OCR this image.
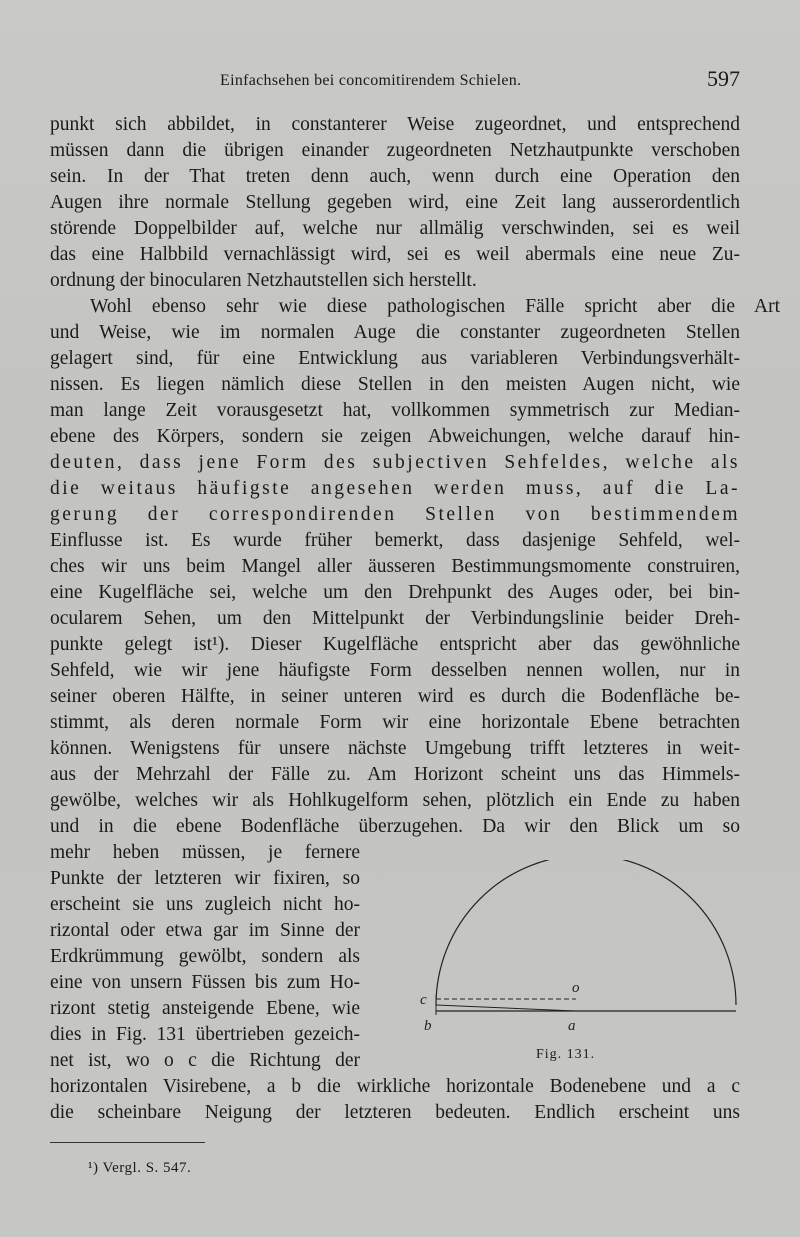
Einfachsehen bei concomitirendem Schielen.	597
punkt sich abbildet, in constanterer Weise zugeordnet, und entsprechend
müssen dann die übrigen einander zugeordneten Netzhautpunkte verschoben
sein. In der That treten denn auch, wenn durch eine Operation den
Augen ihre normale Stellung gegeben wird, eine Zeit lang ausserordentlich
störende Doppelbilder auf, welche nur allmälig verschwinden, sei es weil
das eine Halbbild vernachlässigt wird, sei es weil abermals eine neue Zu-
ordnung der binocularen Netzhautstellen sich herstellt.
Wohl ebenso sehr wie diese pathologischen Fälle spricht aber die Art
und Weise, wie im normalen Auge die constanter zugeordneten Stellen
gelagert sind, für eine Entwicklung aus variableren Verbindungsverhält-
nissen. Es liegen nämlich diese Stellen in den meisten Augen nicht, wie
man lange Zeit vorausgesetzt hat, vollkommen symmetrisch zur Median-
ebene des Körpers, sondern sie zeigen Abweichungen, welche darauf hin-
deuten, dass jene Form des subjectiven Sehfeldes, welche als
die weitaus häufigste angesehen werden muss, auf die La-
gerung der correspondirenden Stellen von bestimmendem
Einflusse ist. Es wurde früher bemerkt, dass dasjenige Sehfeld, wel-
ches wir uns beim Mangel aller äusseren Bestimmungsmomente construiren,
eine Kugelfläche sei, welche um den Drehpunkt des Auges oder, bei bin-
ocularem Sehen, um den Mittelpunkt der Verbindungslinie beider Dreh-
punkte gelegt ist¹). Dieser Kugelfläche entspricht aber das gewöhnliche
Sehfeld, wie wir jene häufigste Form desselben nennen wollen, nur in
seiner oberen Hälfte, in seiner unteren wird es durch die Bodenfläche be-
stimmt, als deren normale Form wir eine horizontale Ebene betrachten
können. Wenigstens für unsere nächste Umgebung trifft letzteres in weit-
aus der Mehrzahl der Fälle zu. Am Horizont scheint uns das Himmels-
gewölbe, welches wir als Hohlkugelform sehen, plötzlich ein Ende zu haben
und in die ebene Bodenfläche überzugehen. Da wir den Blick um so
mehr heben müssen, je fernere
Punkte der letzteren wir fixiren, so
erscheint sie uns zugleich nicht ho-
rizontal oder etwa gar im Sinne der
Erdkrümmung gewölbt, sondern als
eine von unsern Füssen bis zum Ho-
rizont stetig ansteigende Ebene, wie
dies in Fig. 131 übertrieben gezeich-
net ist, wo o c die Richtung der
horizontalen Visirebene, a b die wirkliche horizontale Bodenebene und a c
die scheinbare Neigung der letzteren bedeuten. Endlich erscheint uns
c
o
b	a
Fig. 131.
¹) Vergl. S. 547.
